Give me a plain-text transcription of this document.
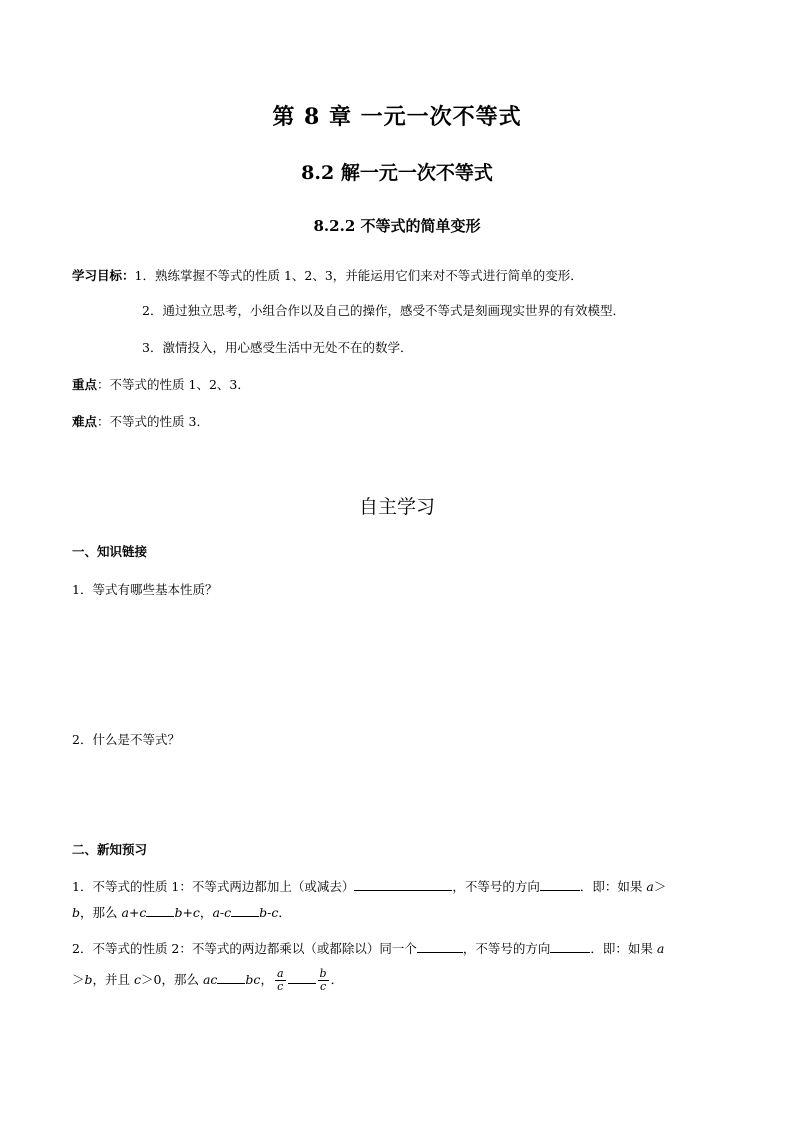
第 8 章 一元一次不等式
8.2 解一元一次不等式
8.2.2 不等式的简单变形
学习目标：1．熟练掌握不等式的性质 1、2、3，并能运用它们来对不等式进行简单的变形．
2．通过独立思考，小组合作以及自己的操作，感受不等式是刻画现实世界的有效模型．
3．激情投入，用心感受生活中无处不在的数学．
重点：不等式的性质 1、2、3．
难点：不等式的性质 3．
自主学习
一、知识链接
1．等式有哪些基本性质？
2．什么是不等式？
二、新知预习
1．不等式的性质 1：不等式两边都加上（或减去）	，不等号的方向	．即：如果 a＞
b，那么 a+c b+c，a-c b-c．
2．不等式的性质 2：不等式的两边都乘以（或都除以）同一个	，不等号的方向	．即：如果 a
＞b，并且 c＞0，那么 ac bc， $\frac{a}{c}$	$\frac{b}{c}$ ．
